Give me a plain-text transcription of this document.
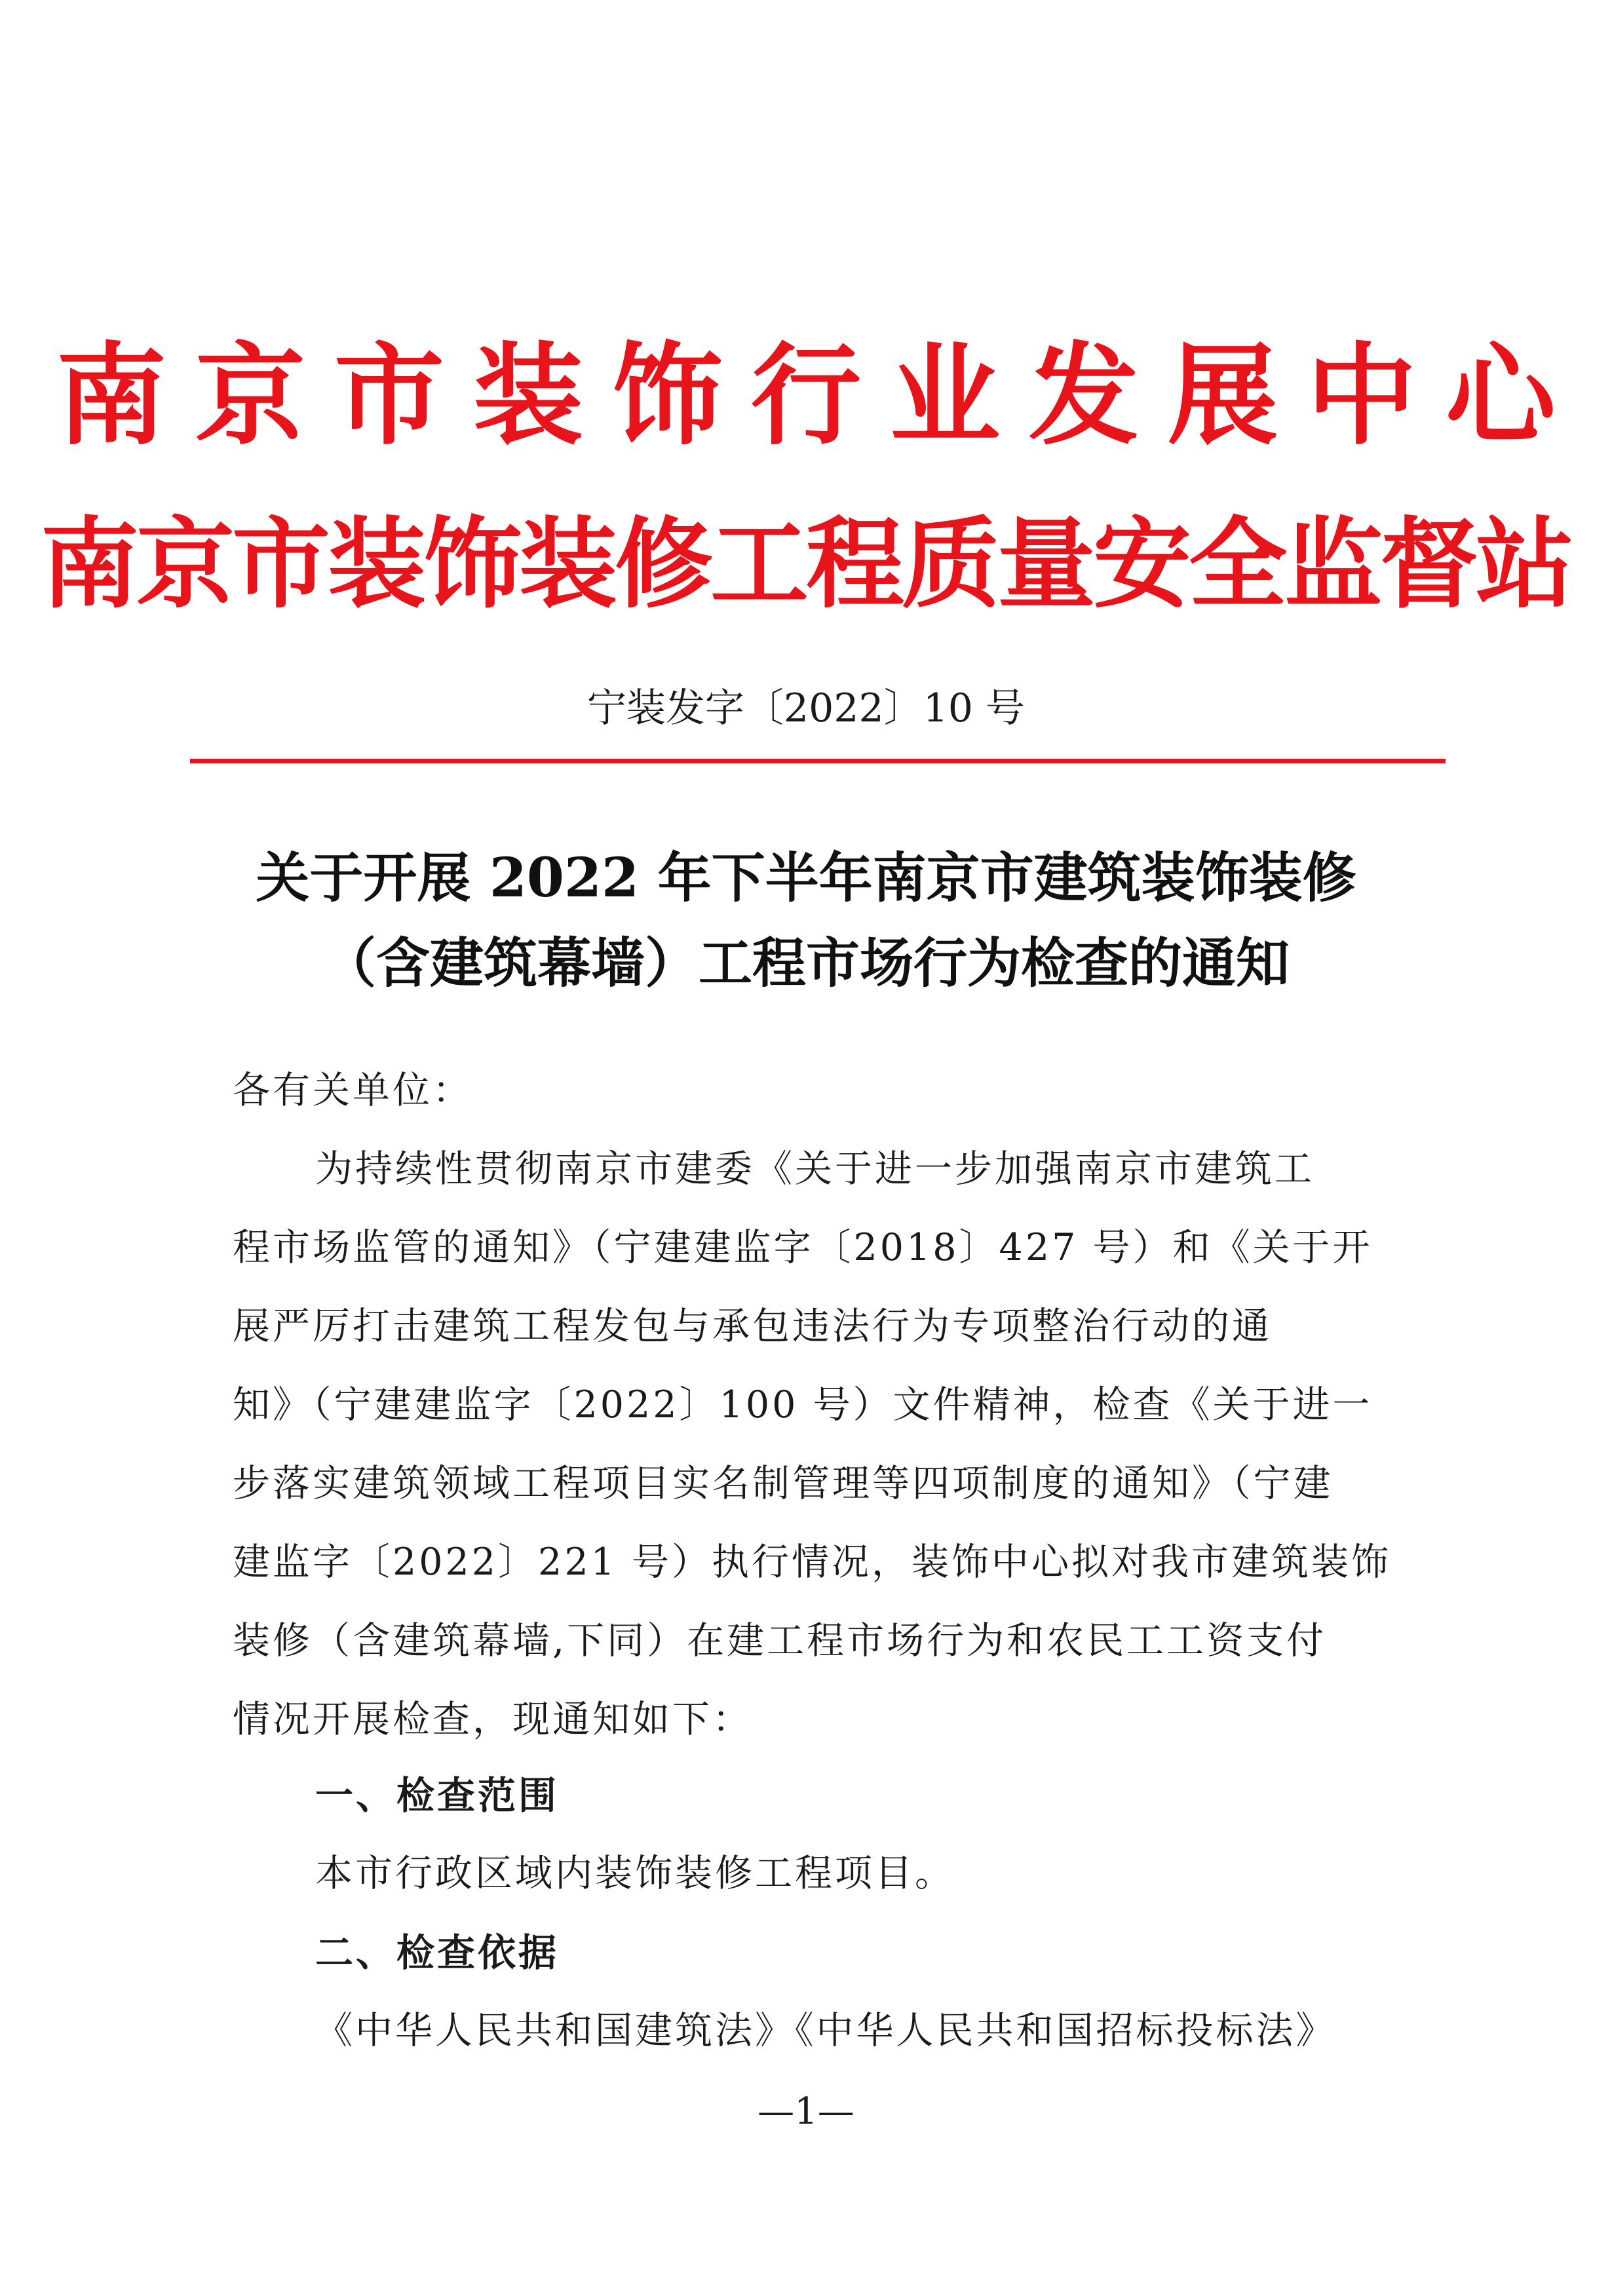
南京市装饰行业发展中心
南京市装饰装修工程质量安全监督站
宁装发字〔2022〕10 号
关于开展 2022 年下半年南京市建筑装饰装修
（含建筑幕墙）工程市场行为检查的通知
各有关单位：
为持续性贯彻南京市建委《关于进一步加强南京市建筑工
程市场监管的通知》（宁建建监字〔2018〕427 号）和《关于开
展严厉打击建筑工程发包与承包违法行为专项整治行动的通
知》（宁建建监字〔2022〕100 号）文件精神，检查《关于进一
步落实建筑领域工程项目实名制管理等四项制度的通知》（宁建
建监字〔2022〕221 号）执行情况，装饰中心拟对我市建筑装饰
装修（含建筑幕墙,下同）在建工程市场行为和农民工工资支付
情况开展检查，现通知如下：
一、检查范围
本市行政区域内装饰装修工程项目。
二、检查依据
《中华人民共和国建筑法》《中华人民共和国招标投标法》
—1—
